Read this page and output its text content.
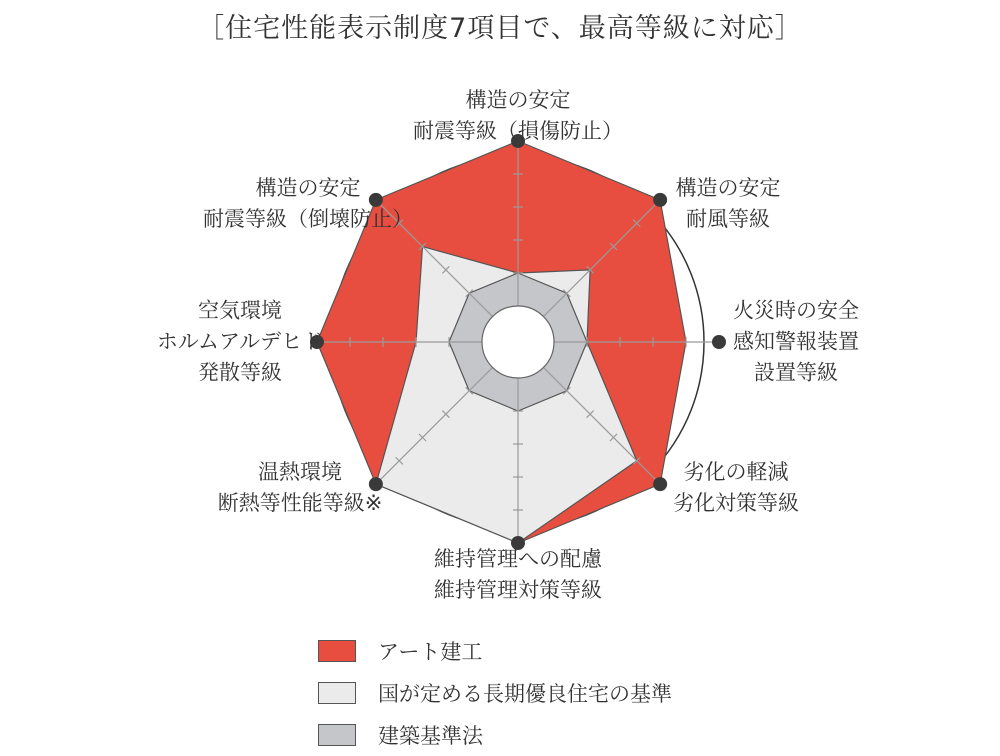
［住宅性能表示制度7項目で、最高等級に対応］
構造の安定
耐震等級（損傷防止）
構造の安定
耐風等級
火災時の安全
感知警報装置
設置等級
劣化の軽減
劣化対策等級
維持管理への配慮
維持管理対策等級
温熱環境
断熱等性能等級※
空気環境
ホルムアルデヒド
発散等級
構造の安定
耐震等級（倒壊防止）
アート建工
国が定める長期優良住宅の基準
建築基準法
